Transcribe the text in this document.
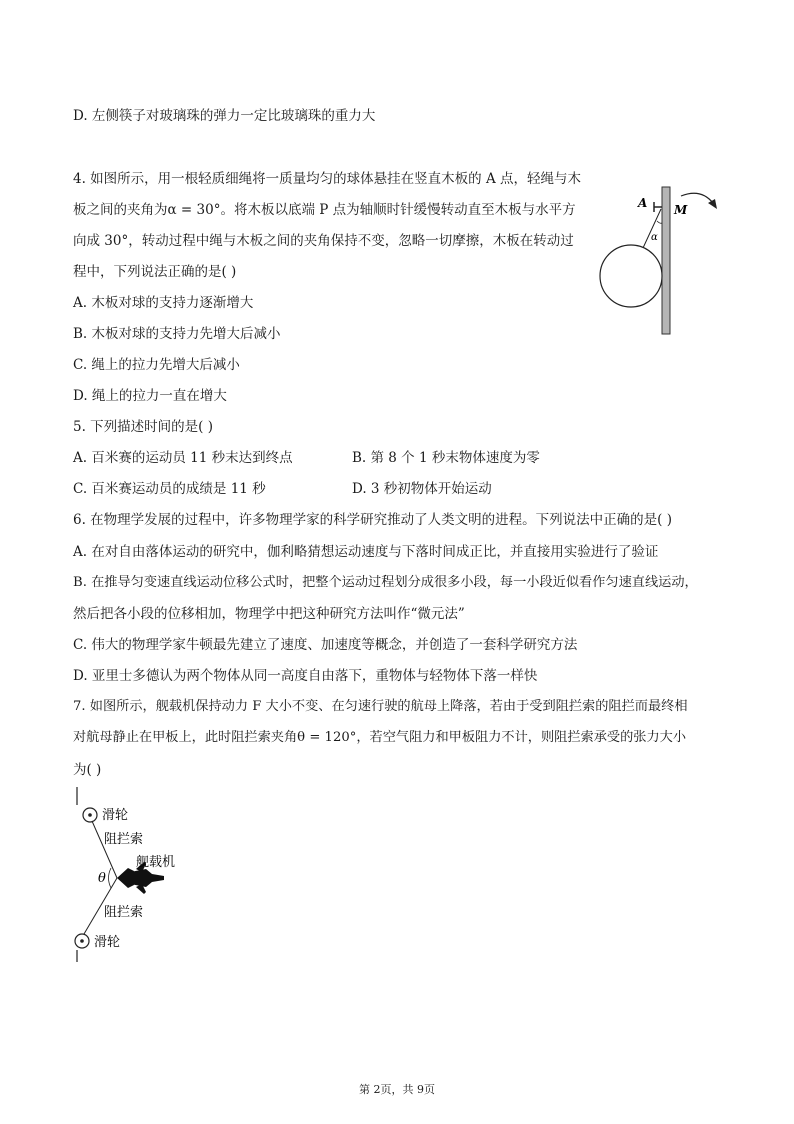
D. 左侧筷子对玻璃珠的弹力一定比玻璃珠的重力大
4. 如图所示，用一根轻质细绳将一质量均匀的球体悬挂在竖直木板的 A 点，轻绳与木
板之间的夹角为α = 30°。将木板以底端 P 点为轴顺时针缓慢转动直至木板与水平方
向成 30°，转动过程中绳与木板之间的夹角保持不变，忽略一切摩擦，木板在转动过
程中，下列说法正确的是( )
A. 木板对球的支持力逐渐增大
B. 木板对球的支持力先增大后减小
C. 绳上的拉力先增大后减小
D. 绳上的拉力一直在增大
A M
α
5. 下列描述时间的是( )
A. 百米赛的运动员 11 秒末达到终点	B. 第 8 个 1 秒末物体速度为零
C. 百米赛运动员的成绩是 11 秒	D. 3 秒初物体开始运动
6. 在物理学发展的过程中，许多物理学家的科学研究推动了人类文明的进程。下列说法中正确的是( )
A. 在对自由落体运动的研究中，伽利略猜想运动速度与下落时间成正比，并直接用实验进行了验证
B. 在推导匀变速直线运动位移公式时，把整个运动过程划分成很多小段，每一小段近似看作匀速直线运动，
然后把各小段的位移相加，物理学中把这种研究方法叫作“微元法”
C. 伟大的物理学家牛顿最先建立了速度、加速度等概念，并创造了一套科学研究方法
D. 亚里士多德认为两个物体从同一高度自由落下，重物体与轻物体下落一样快
7. 如图所示，舰载机保持动力 F 大小不变、在匀速行驶的航母上降落，若由于受到阻拦索的阻拦而最终相
对航母静止在甲板上，此时阻拦索夹角θ = 120°，若空气阻力和甲板阻力不计，则阻拦索承受的张力大小
为( )
滑轮
阻拦索
舰载机
θ
阻拦索
滑轮
第 2页，共 9页
